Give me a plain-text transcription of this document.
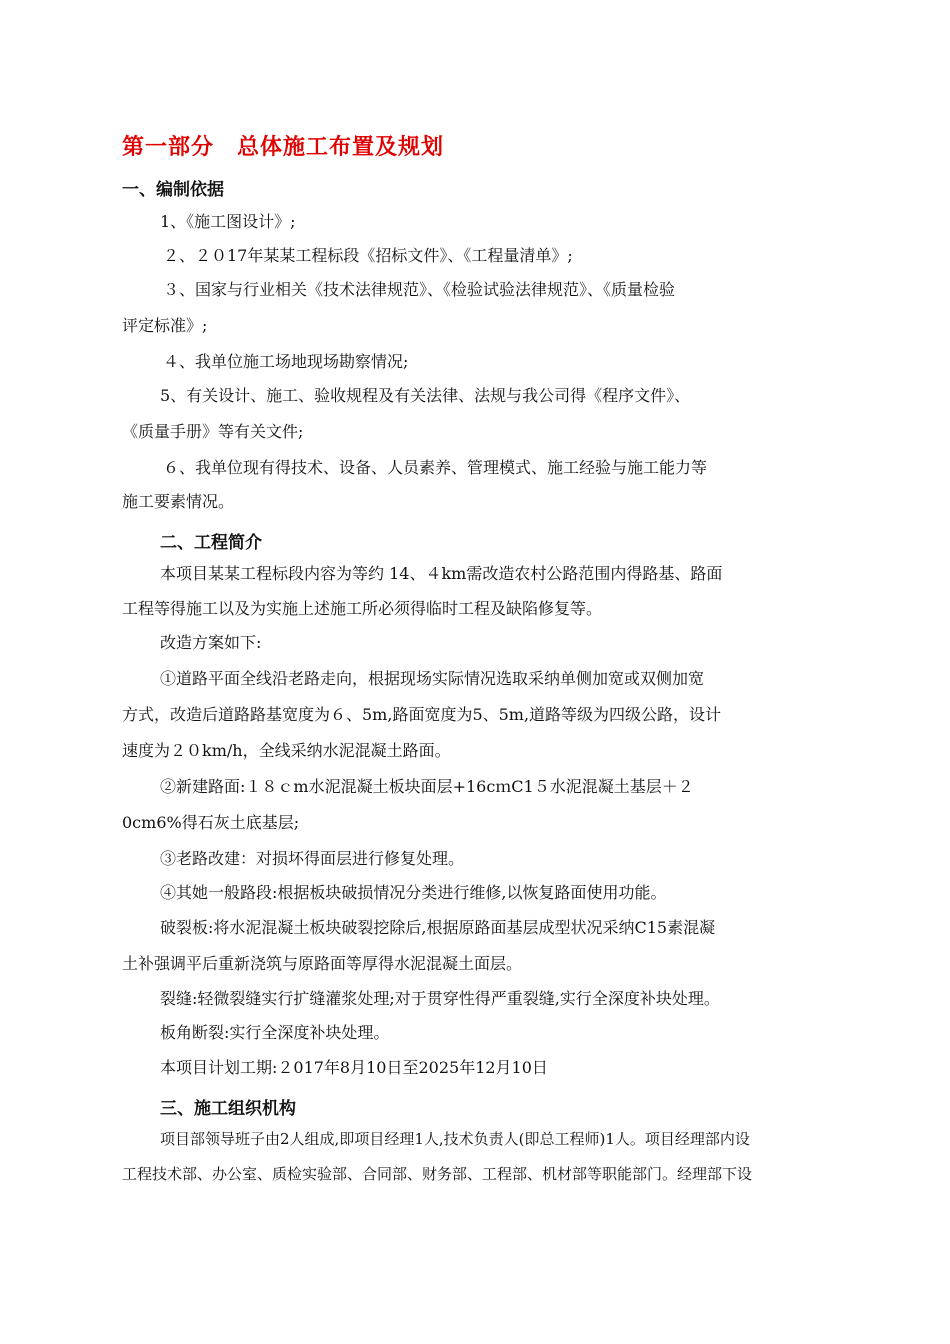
第一部分　总体施工布置及规划
一、编制依据
1、《施工图设计》;
２、２０17年某某工程标段《招标文件》、《工程量清单》;
３、国家与行业相关《技术法律规范》、《检验试验法律规范》、《质量检验
评定标准》;
４、我单位施工场地现场勘察情况;
5、有关设计、施工、验收规程及有关法律、法规与我公司得《程序文件》、
《质量手册》等有关文件;
６、我单位现有得技术、设备、人员素养、管理模式、施工经验与施工能力等
施工要素情况。
二、工程简介
本项目某某工程标段内容为等约 14、４km需改造农村公路范围内得路基、路面
工程等得施工以及为实施上述施工所必须得临时工程及缺陷修复等。
改造方案如下:
①道路平面全线沿老路走向，根据现场实际情况选取采纳单侧加宽或双侧加宽
方式，改造后道路路基宽度为６、5m,路面宽度为5、5m,道路等级为四级公路，设计
速度为２０km/h，全线采纳水泥混凝土路面。
②新建路面:１８ｃm水泥混凝土板块面层+16cｍC1５水泥混凝土基层＋２
0cm6%得石灰土底基层;
③老路改建：对损坏得面层进行修复处理。
④其她一般路段:根据板块破损情况分类进行维修,以恢复路面使用功能。
破裂板:将水泥混凝土板块破裂挖除后,根据原路面基层成型状况采纳C15素混凝
土补强调平后重新浇筑与原路面等厚得水泥混凝土面层。
裂缝:轻微裂缝实行扩缝灌浆处理;对于贯穿性得严重裂缝,实行全深度补块处理。
板角断裂:实行全深度补块处理。
本项目计划工期:２017年8月10日至2025年12月10日
三、施工组织机构
项目部领导班子由2人组成,即项目经理1人,技术负责人(即总工程师)1人。项目经理部内设
工程技术部、办公室、质检实验部、合同部、财务部、工程部、机材部等职能部门。经理部下设
